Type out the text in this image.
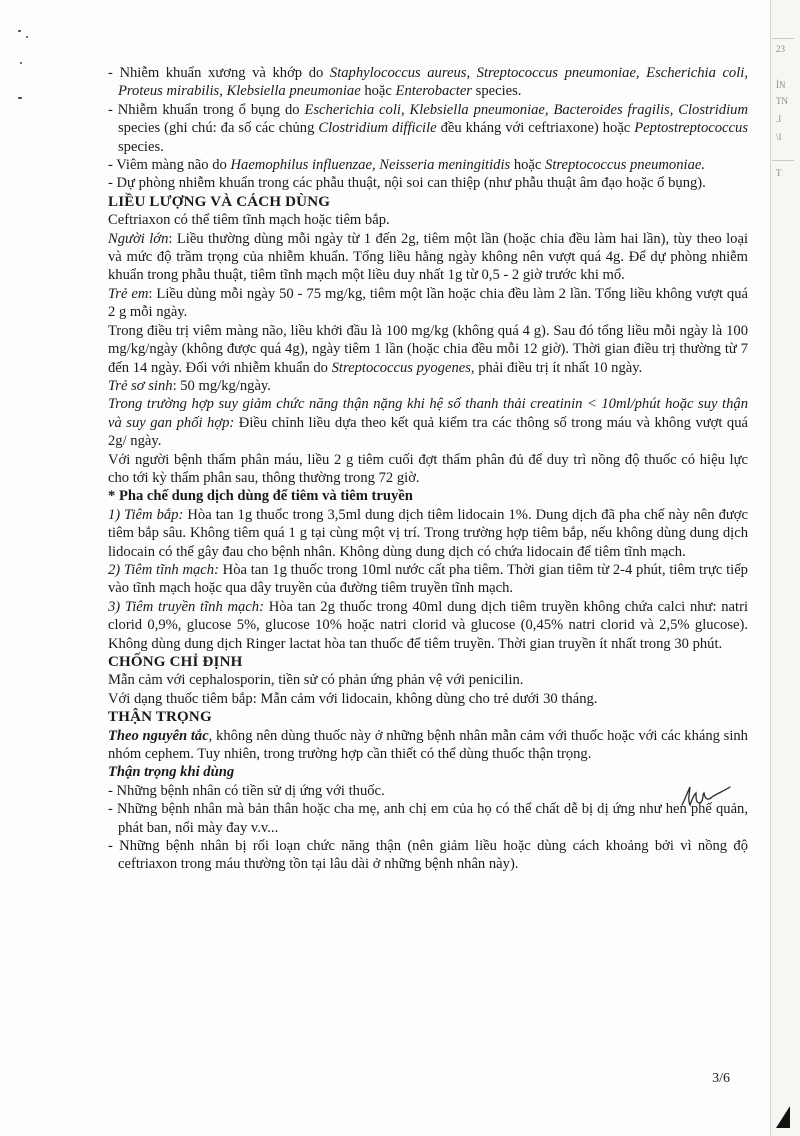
- Nhiễm khuẩn xương và khớp do Staphylococcus aureus, Streptococcus pneumoniae, Escherichia coli, Proteus mirabilis, Klebsiella pneumoniae hoặc Enterobacter species.

- Nhiễm khuẩn trong ổ bụng do Escherichia coli, Klebsiella pneumoniae, Bacteroides fragilis, Clostridium species (ghi chú: đa số các chủng Clostridium difficile đều kháng với ceftriaxone) hoặc Peptostreptococcus species.

- Viêm màng não do Haemophilus influenzae, Neisseria meningitidis hoặc Streptococcus pneumoniae.

- Dự phòng nhiễm khuẩn trong các phẫu thuật, nội soi can thiệp (như phẫu thuật âm đạo hoặc ổ bụng).

LIỀU LƯỢNG VÀ CÁCH DÙNG

Ceftriaxon có thể tiêm tĩnh mạch hoặc tiêm bắp.

Người lớn: Liều thường dùng mỗi ngày từ 1 đến 2g, tiêm một lần (hoặc chia đều làm hai lần), tùy theo loại và mức độ trầm trọng của nhiễm khuẩn. Tổng liều hằng ngày không nên vượt quá 4g. Để dự phòng nhiễm khuẩn trong phẫu thuật, tiêm tĩnh mạch một liều duy nhất 1g từ 0,5 - 2 giờ trước khi mổ.

Trẻ em: Liều dùng mỗi ngày 50 - 75 mg/kg, tiêm một lần hoặc chia đều làm 2 lần. Tổng liều không vượt quá 2 g mỗi ngày.

Trong điều trị viêm màng não, liều khởi đầu là 100 mg/kg (không quá 4 g). Sau đó tổng liều mỗi ngày là 100 mg/kg/ngày (không được quá 4g), ngày tiêm 1 lần (hoặc chia đều mỗi 12 giờ). Thời gian điều trị thường từ 7 đến 14 ngày. Đối với nhiễm khuẩn do Streptococcus pyogenes, phải điều trị ít nhất 10 ngày.

Trẻ sơ sinh: 50 mg/kg/ngày.

Trong trường hợp suy giảm chức năng thận nặng khi hệ số thanh thải creatinin < 10ml/phút hoặc suy thận và suy gan phối hợp: Điều chỉnh liều dựa theo kết quả kiểm tra các thông số trong máu và không vượt quá 2g/ ngày.

Với người bệnh thẩm phân máu, liều 2 g tiêm cuối đợt thẩm phân đủ để duy trì nồng độ thuốc có hiệu lực cho tới kỳ thẩm phân sau, thông thường trong 72 giờ.

* Pha chế dung dịch dùng để tiêm và tiêm truyền

1) Tiêm bắp: Hòa tan 1g thuốc trong 3,5ml dung dịch tiêm lidocain 1%. Dung dịch đã pha chế này nên được tiêm bắp sâu. Không tiêm quá 1 g tại cùng một vị trí. Trong trường hợp tiêm bắp, nếu không dùng dung dịch lidocain có thể gây đau cho bệnh nhân. Không dùng dung dịch có chứa lidocain để tiêm tĩnh mạch.

2) Tiêm tĩnh mạch: Hòa tan 1g thuốc trong 10ml nước cất pha tiêm. Thời gian tiêm từ 2-4 phút, tiêm trực tiếp vào tĩnh mạch hoặc qua dây truyền của đường tiêm truyền tĩnh mạch.

3) Tiêm truyền tĩnh mạch: Hòa tan 2g thuốc trong 40ml dung dịch tiêm truyền không chứa calci như: natri clorid 0,9%, glucose 5%, glucose 10% hoặc natri clorid và glucose (0,45% natri clorid và 2,5% glucose). Không dùng dung dịch Ringer lactat hòa tan thuốc để tiêm truyền. Thời gian truyền ít nhất trong 30 phút.

CHỐNG CHỈ ĐỊNH

Mẫn cảm với cephalosporin, tiền sử có phản ứng phản vệ với penicilin.

Với dạng thuốc tiêm bắp: Mẫn cảm với lidocain, không dùng cho trẻ dưới 30 tháng.

THẬN TRỌNG

Theo nguyên tắc, không nên dùng thuốc này ở những bệnh nhân mẫn cảm với thuốc hoặc với các kháng sinh nhóm cephem. Tuy nhiên, trong trường hợp cần thiết có thể dùng thuốc thận trọng.

Thận trọng khi dùng

- Những bệnh nhân có tiền sử dị ứng với thuốc.

- Những bệnh nhân mà bản thân hoặc cha mẹ, anh chị em của họ có thể chất dễ bị dị ứng như hen phế quản, phát ban, nổi mày đay v.v...

- Những bệnh nhân bị rối loạn chức năng thận (nên giảm liều hoặc dùng cách khoảng bởi vì nồng độ ceftriaxon trong máu thường tồn tại lâu dài ở những bệnh nhân này).

3/6
23
ÌN
TN
.I
\I
T
